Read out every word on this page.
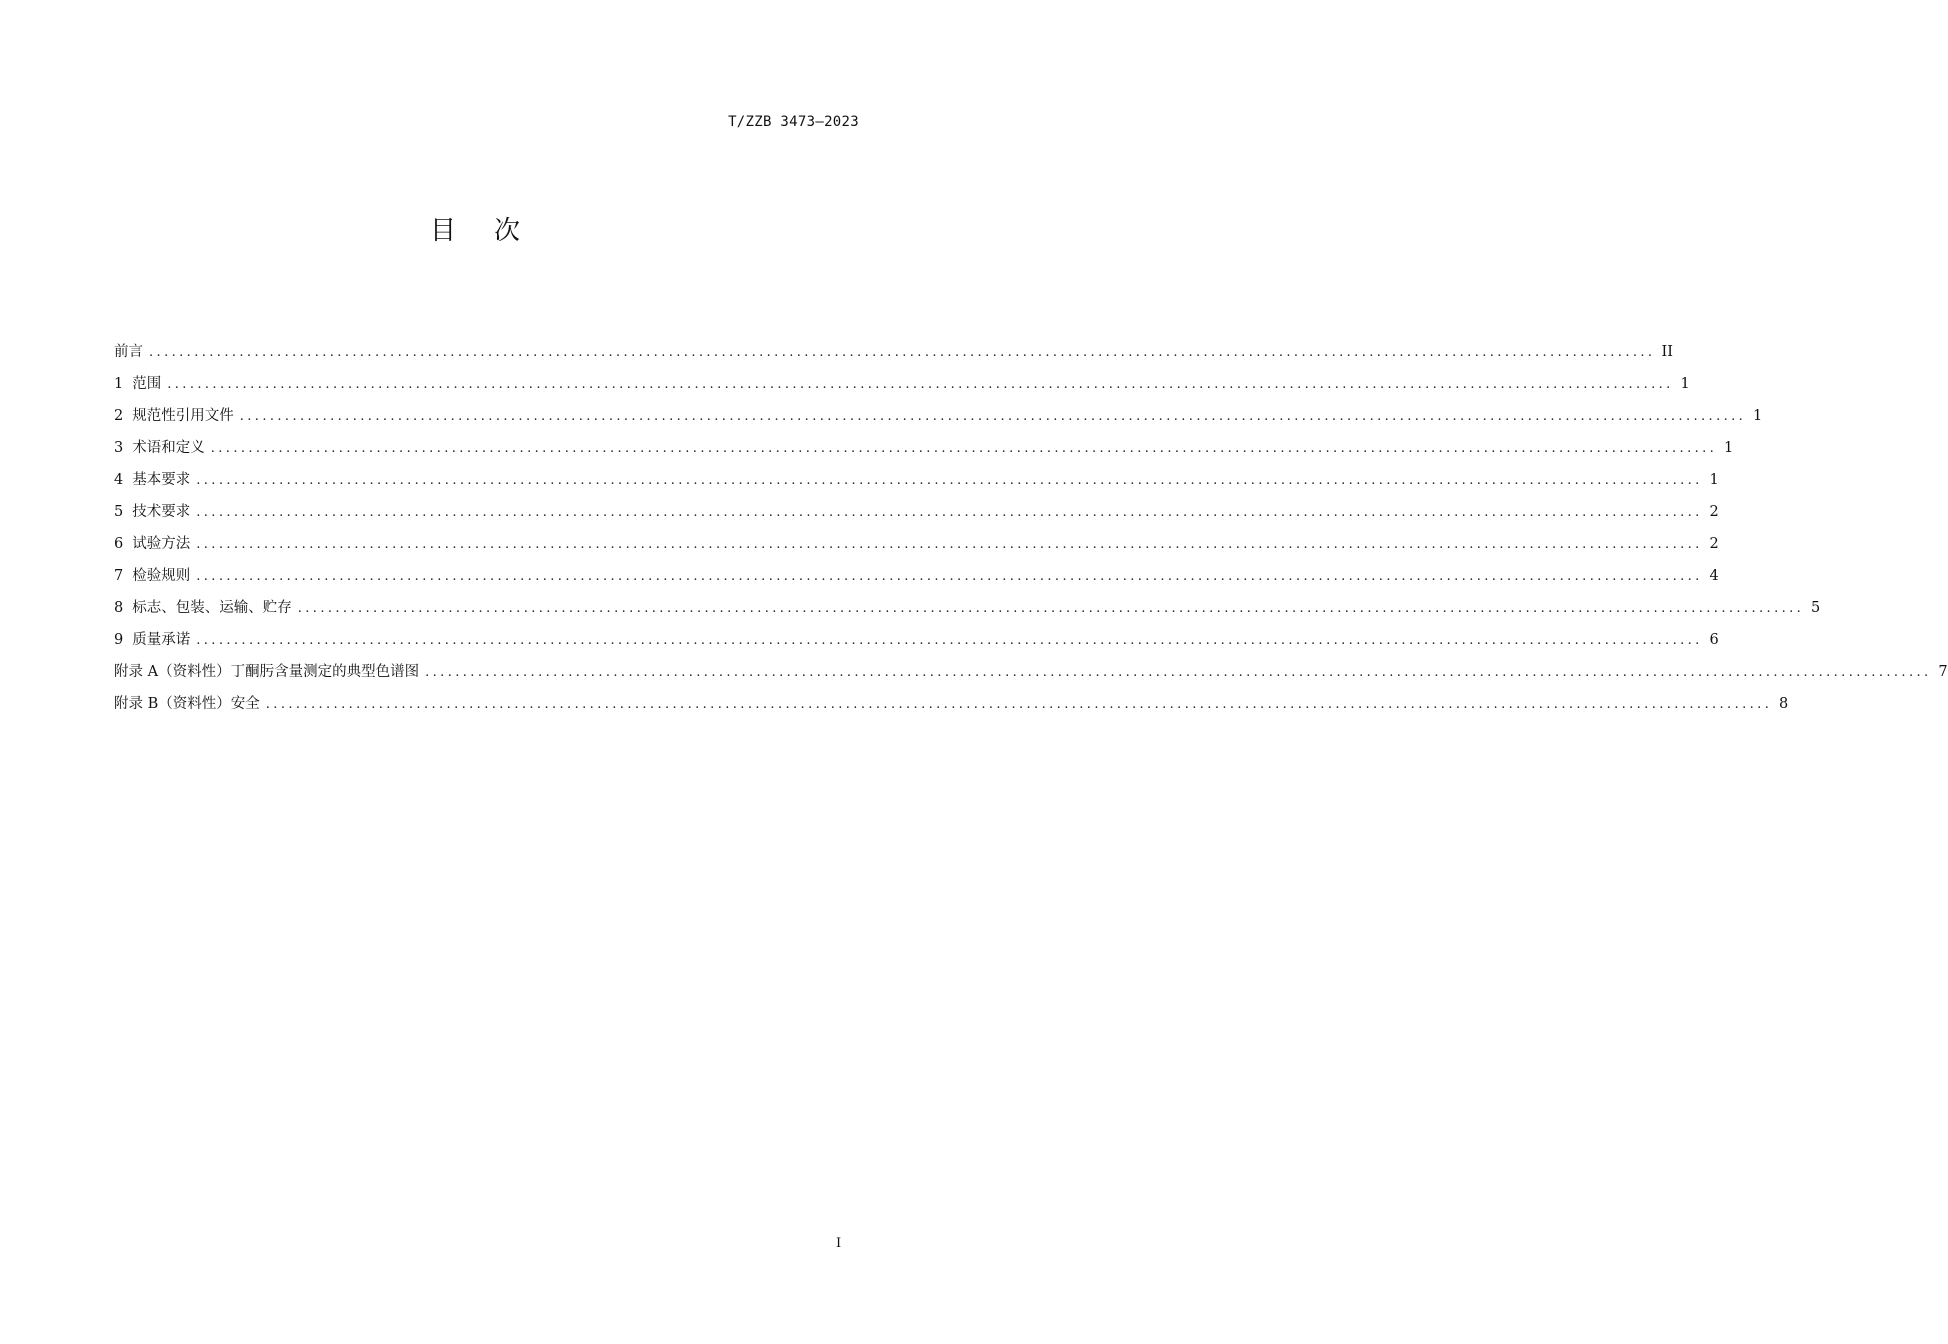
T/ZZB 3473—2023
目次
前言 ........................................................................................................................................................................................................ II
1 范围 ........................................................................................................................................................................................................ 1
2 规范性引用文件 ........................................................................................................................................................................................................ 1
3 术语和定义 ........................................................................................................................................................................................................ 1
4 基本要求 ........................................................................................................................................................................................................ 1
5 技术要求 ........................................................................................................................................................................................................ 2
6 试验方法 ........................................................................................................................................................................................................ 2
7 检验规则 ........................................................................................................................................................................................................ 4
8 标志、包装、运输、贮存 ........................................................................................................................................................................................................ 5
9 质量承诺 ........................................................................................................................................................................................................ 6
附录 A（资料性）丁酮肟含量测定的典型色谱图 ........................................................................................................................................................................................................ 7
附录 B（资料性）安全 ........................................................................................................................................................................................................ 8
I
